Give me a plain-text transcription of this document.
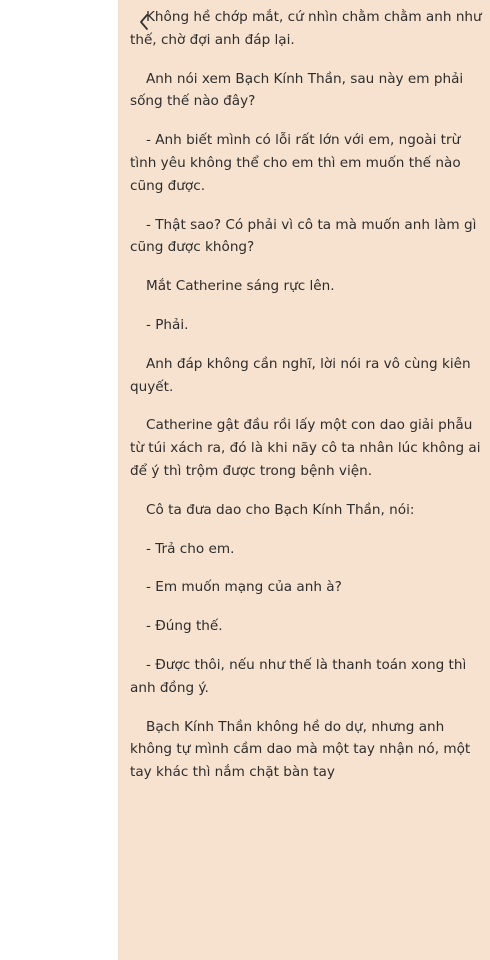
Không hề chớp mắt, cứ nhìn chằm chằm anh như thế, chờ đợi anh đáp lại.

Anh nói xem Bạch Kính Thần, sau này em phải sống thế nào đây?

- Anh biết mình có lỗi rất lớn với em, ngoài trừ tình yêu không thể cho em thì em muốn thế nào cũng được.

- Thật sao? Có phải vì cô ta mà muốn anh làm gì cũng được không?

Mắt Catherine sáng rực lên.

- Phải.

Anh đáp không cần nghĩ, lời nói ra vô cùng kiên quyết.

Catherine gật đầu rồi lấy một con dao giải phẫu từ túi xách ra, đó là khi nãy cô ta nhân lúc không ai để ý thì trộm được trong bệnh viện.

Cô ta đưa dao cho Bạch Kính Thần, nói:

- Trả cho em.

- Em muốn mạng của anh à?

- Đúng thế.

- Được thôi, nếu như thế là thanh toán xong thì anh đồng ý.

Bạch Kính Thần không hề do dự, nhưng anh không tự mình cầm dao mà một tay nhận nó, một tay khác thì nắm chặt bàn tay
